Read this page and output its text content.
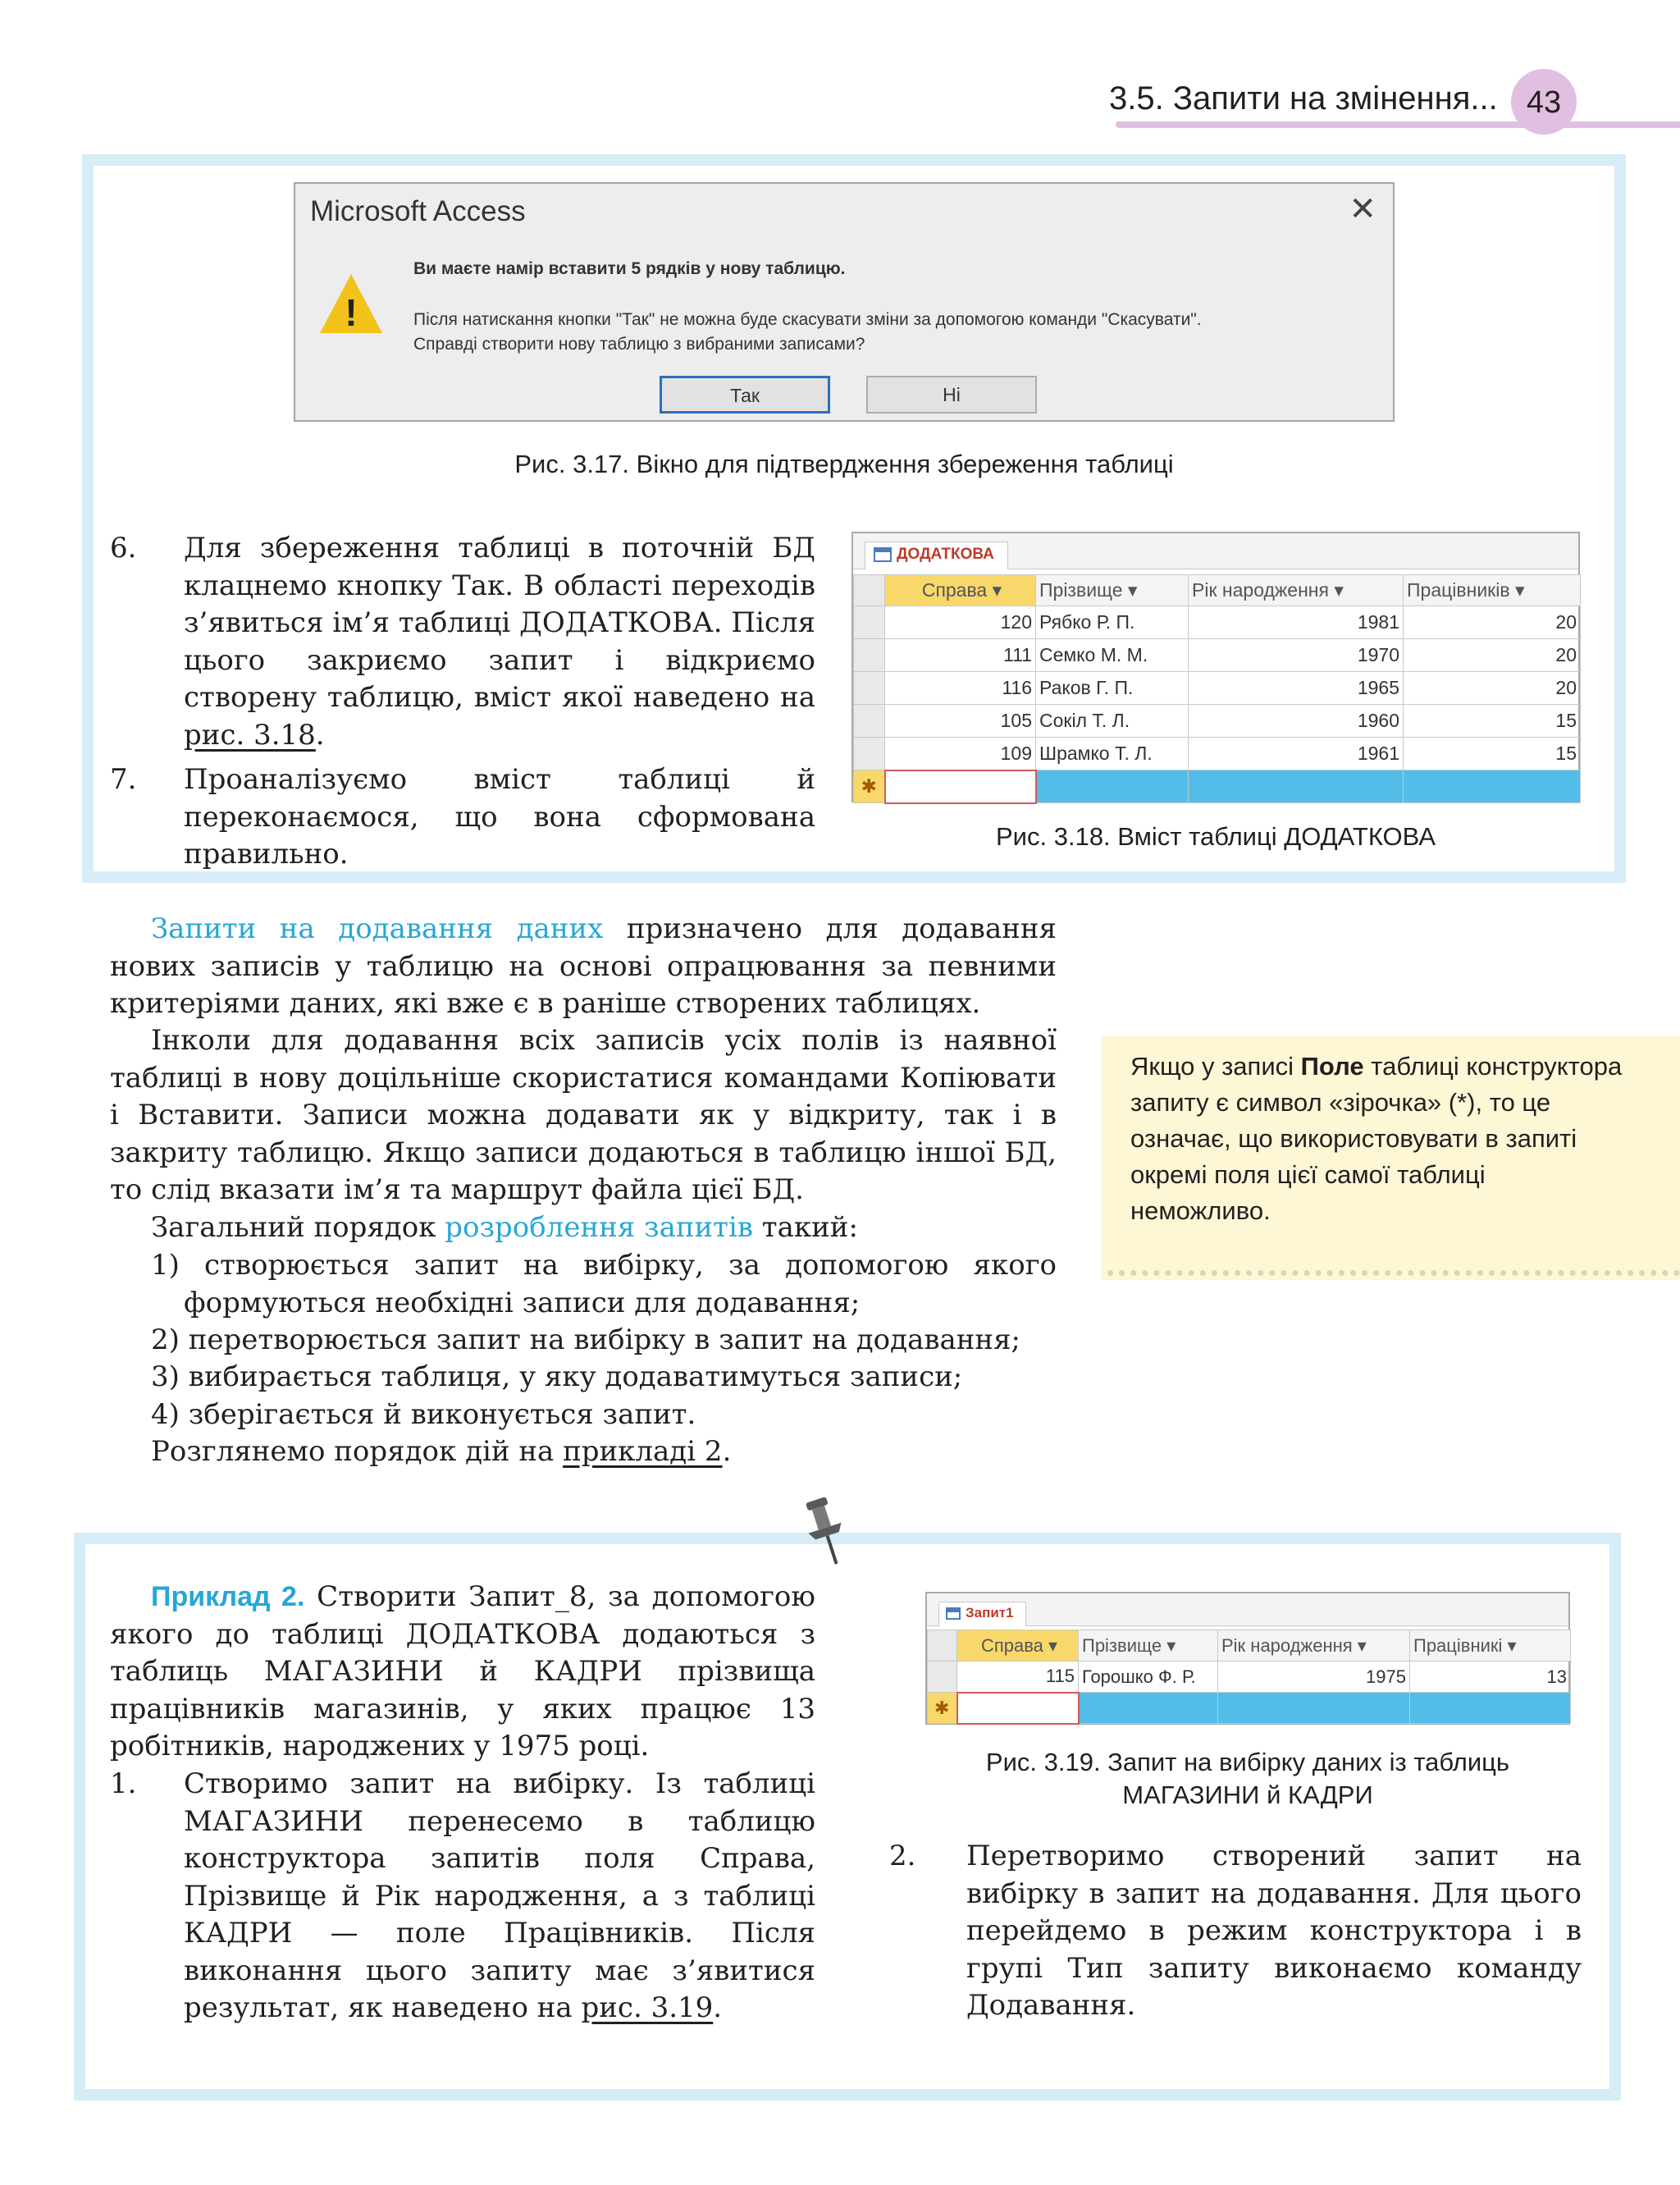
3.5. Запити на змінення... 43
Microsoft Access	✕
!
Ви маєте намір вставити 5 рядків у нову таблицю.
Після натискання кнопки "Так" не можна буде скасувати зміни за допомогою команди "Скасувати".
Справді створити нову таблицю з вибраними записами?
Так	Ні
Рис. 3.17. Вікно для підтвердження збереження таблиці
6. Для збереження таблиці в поточній БД клацнемо кнопку Так. В області переходів з’явиться ім’я таблиці ДОДАТКОВА. Після цього закриємо запит і відкриємо створену таблицю, вміст якої наведено на рис. 3.18.
7. Проаналізуємо вміст таблиці й переконаємося, що вона сформована правильно.
ДОДАТКОВА
	Справа ▾	Прізвище ▾	Рік народження ▾	Працівників ▾
	120	Рябко Р. П.	1981	20
	111	Семко М. М.	1970	20
	116	Раков Г. П.	1965	20
	105	Сокіл Т. Л.	1960	15
	109	Шрамко Т. Л.	1961	15
✱				
Рис. 3.18. Вміст таблиці ДОДАТКОВА
Запити на додавання даних призначено для додавання нових записів у таблицю на основі опрацювання за певними критеріями даних, які вже є в раніше створених таблицях.
Інколи для додавання всіх записів усіх полів із наявної таблиці в нову доцільніше скористатися командами Копіювати і Вставити. Записи можна додавати як у відкриту, так і в закриту таблицю. Якщо записи додаються в таблицю іншої БД, то слід вказати ім’я та маршрут файла цієї БД.
Загальний порядок розроблення запитів такий:
1) створюється запит на вибірку, за допомогою якого формуються необхідні записи для додавання;
2) перетворюється запит на вибірку в запит на додавання;
3) вибирається таблиця, у яку додаватимуться записи;
4) зберігається й виконується запит.
Розглянемо порядок дій на прикладі 2.
Якщо у записі Поле таблиці конструктора запиту є символ «зірочка» (*), то це означає, що використовувати в запиті окремі поля цієї самої таблиці неможливо.
Приклад 2. Створити Запит_8, за допомогою якого до таблиці ДОДАТКОВА додаються з таблиць МАГАЗИНИ й КАДРИ прізвища працівників магазинів, у яких працює 13 робітників, народжених у 1975 році.
1. Створимо запит на вибірку. Із таблиці МАГАЗИНИ перенесемо в таблицю конструктора запитів поля Справа, Прізвище й Рік народження, а з таблиці КАДРИ — поле Працівників. Після виконання цього запиту має з’явитися результат, як наведено на рис. 3.19.
Запит1
	Справа ▾	Прізвище ▾	Рік народження ▾	Працівникі ▾
	115	Горошко Ф. Р.	1975	13
✱				
Рис. 3.19. Запит на вибірку даних із таблиць
МАГАЗИНИ й КАДРИ
2. Перетворимо створений запит на вибірку в запит на додавання. Для цього перейдемо в режим конструктора і в групі Тип запиту виконаємо команду Додавання.
